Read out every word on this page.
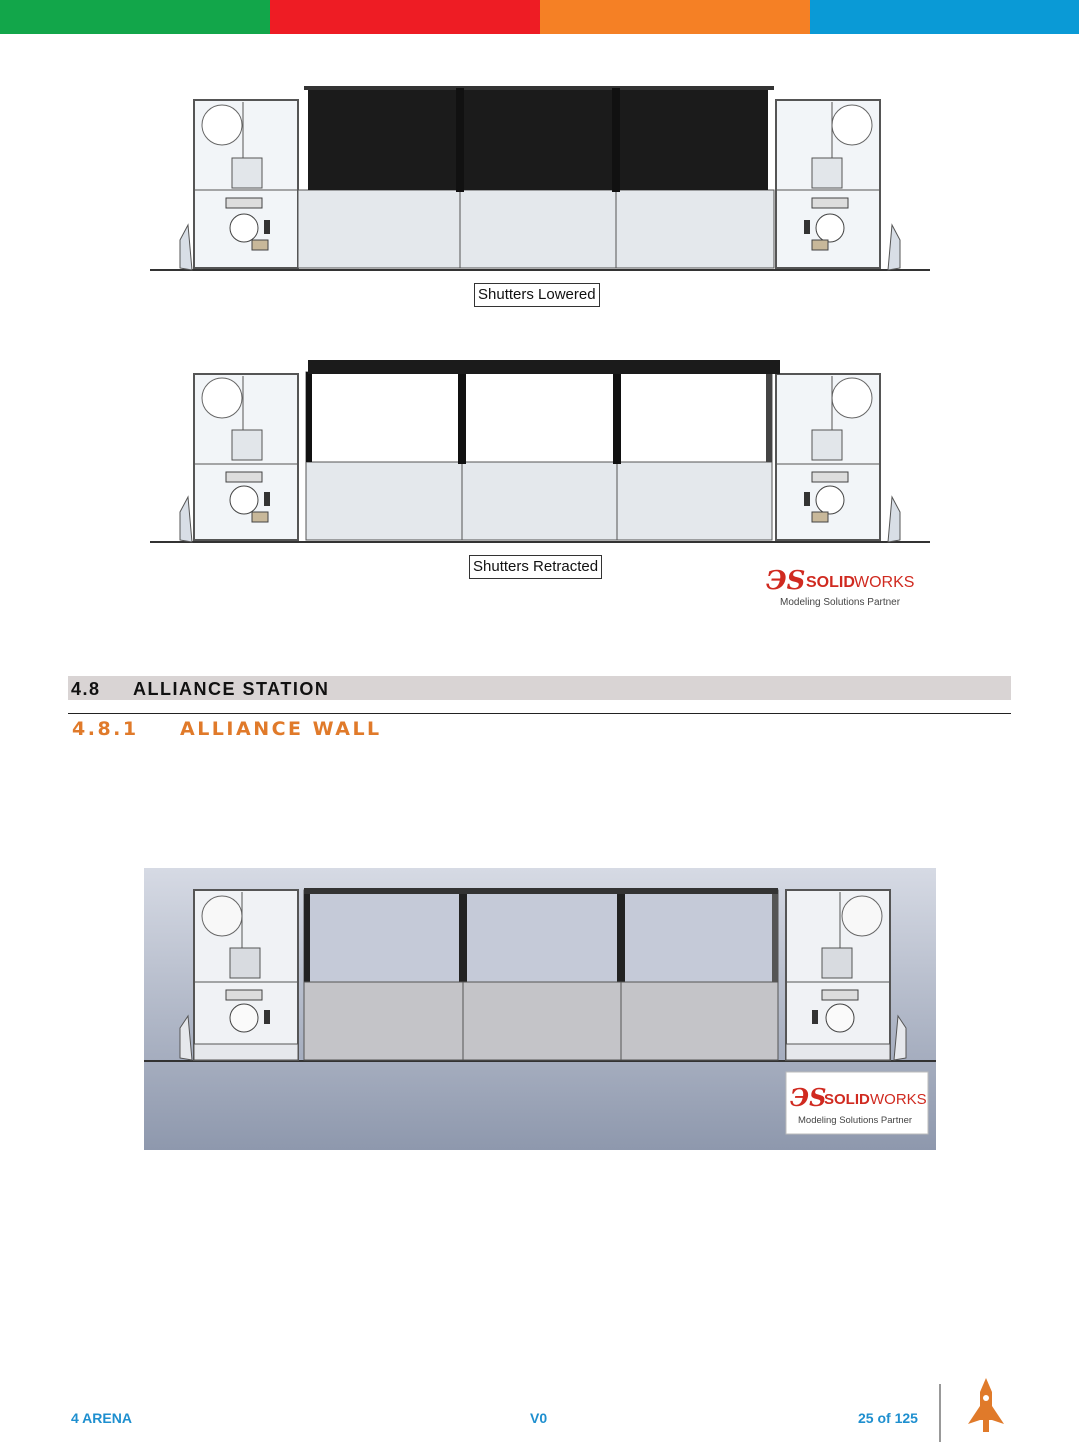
Shutters Lowered
Shutters Retracted	ЭS SOLID WORKS
Modeling Solutions Partner
4.8 ALLIANCE STATION
4.8.1 ALLIANCE WALL
ЭS
SOLID WORKS
Modeling Solutions Partner
4 ARENA	V0	25 of 125
